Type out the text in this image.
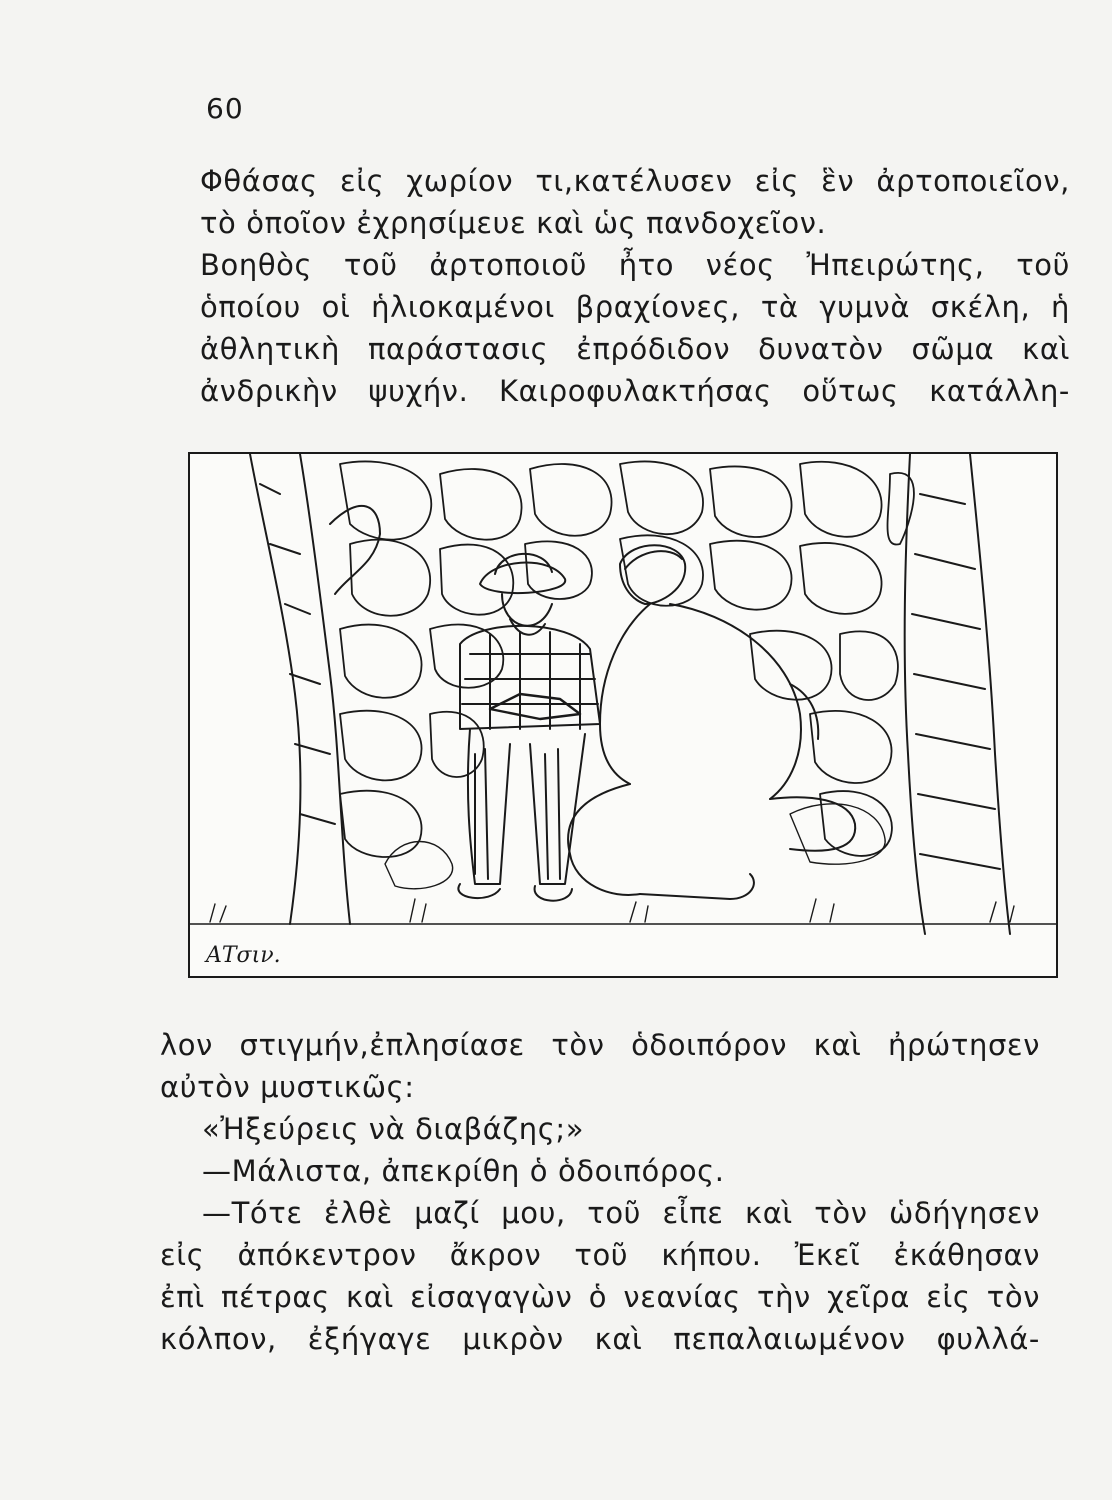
60
Φθάσας εἰς χωρίον τι,κατέλυσεν εἰς ἓν ἀρτοποιεῖον,
τὸ ὁποῖον ἐχρησίμευε καὶ ὡς πανδοχεῖον.
Βοηθὸς τοῦ ἀρτοποιοῦ ἦτο νέος Ἠπειρώτης, τοῦ
ὁποίου οἱ ἡλιοκαμένοι βραχίονες, τὰ γυμνὰ σκέλη, ἡ
ἀθλητικὴ παράστασις ἐπρόδιδον δυνατὸν σῶμα καὶ
ἀνδρικὴν ψυχήν. Καιροφυλακτήσας οὕτως κατάλλη-
ΑΤσιν.
λον στιγμήν,ἐπλησίασε τὸν ὁδοιπόρον καὶ ἠρώτησεν
αὐτὸν μυστικῶς:
«Ἠξεύρεις νὰ διαβάζης;»
—Μάλιστα, ἀπεκρίθη ὁ ὁδοιπόρος.
—Τότε ἐλθὲ μαζί μου, τοῦ εἶπε καὶ τὸν ὡδήγησεν
εἰς ἀπόκεντρον ἄκρον τοῦ κήπου. Ἐκεῖ ἐκάθησαν
ἐπὶ πέτρας καὶ εἰσαγαγὼν ὁ νεανίας τὴν χεῖρα εἰς τὸν
κόλπον, ἐξήγαγε μικρὸν καὶ πεπαλαιωμένον φυλλά-
